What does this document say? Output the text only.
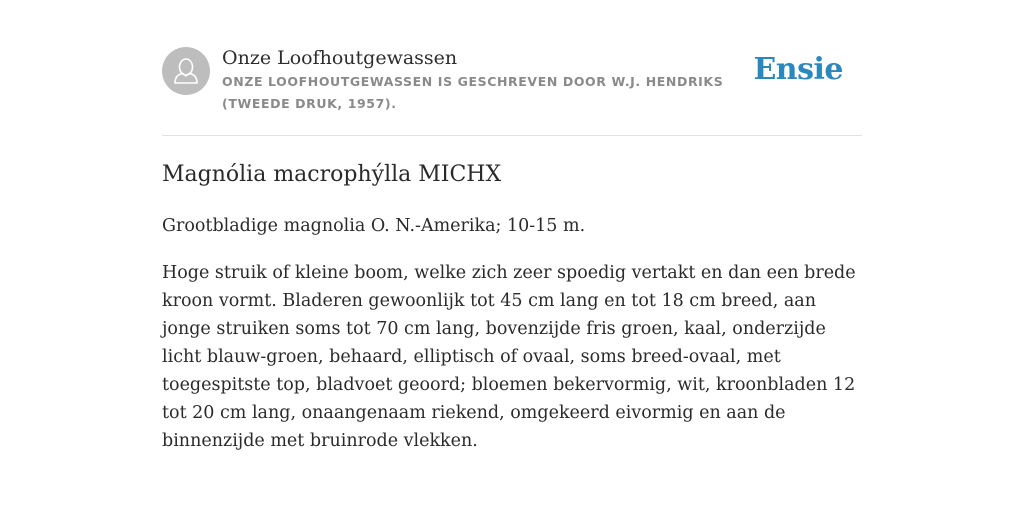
Onze Loofhoutgewassen
ONZE LOOFHOUTGEWASSEN IS GESCHREVEN DOOR W.J. HENDRIKS (TWEEDE DRUK, 1957).
Ensie
Magnólia macrophýlla MICHX

Grootbladige magnolia O. N.-Amerika; 10-15 m.

Hoge struik of kleine boom, welke zich zeer spoedig vertakt en dan een brede kroon vormt. Bladeren gewoonlijk tot 45 cm lang en tot 18 cm breed, aan jonge struiken soms tot 70 cm lang, bovenzijde fris groen, kaal, onderzijde licht blauw-groen, behaard, elliptisch of ovaal, soms breed-ovaal, met toegespitste top, bladvoet geoord; bloemen bekervormig, wit, kroonbladen 12 tot 20 cm lang, onaangenaam riekend, omgekeerd eivormig en aan de binnenzijde met bruinrode vlekken.
